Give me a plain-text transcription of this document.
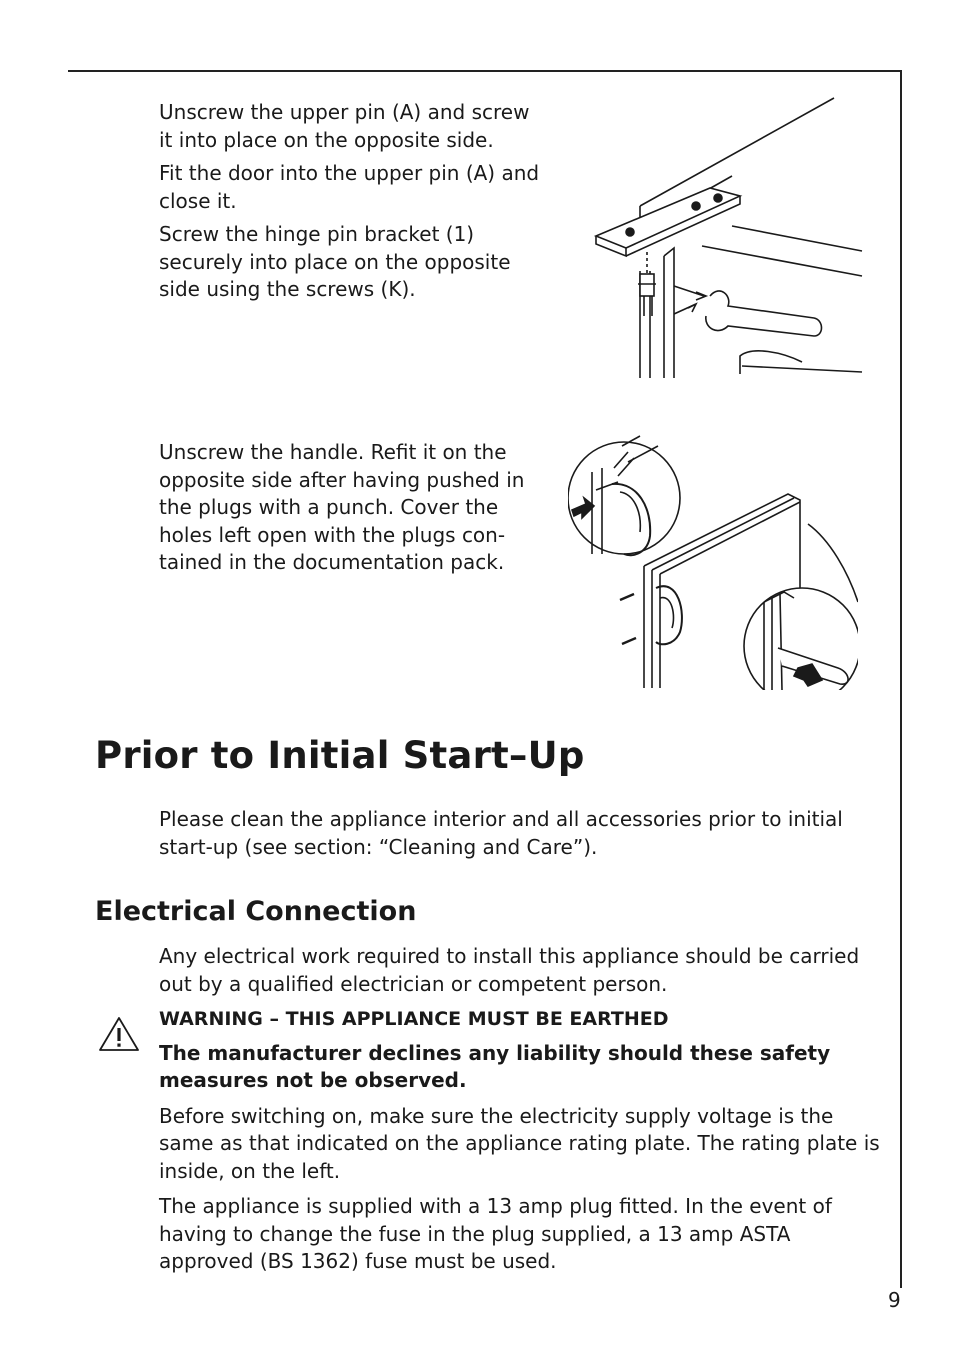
Unscrew the upper pin (A) and screw it into place on the opposite side.

Fit the door into the upper pin (A) and close it.

Screw the hinge pin bracket (1) securely into place on the opposite side using the screws (K).

Unscrew the handle. Refit it on the opposite side after having pushed in the plugs with a punch. Cover the holes left open with the plugs con-tained in the documentation pack.

Prior to Initial Start–Up

Please clean the appliance interior and all accessories prior to initial start-up (see section: “Cleaning and Care”).

Electrical Connection

Any electrical work required to install this appliance should be carried out by a qualified electrician or competent person.

WARNING – THIS APPLIANCE MUST BE EARTHED

The manufacturer declines any liability should these safety measures not be observed.

Before switching on, make sure the electricity supply voltage is the same as that indicated on the appliance rating plate. The rating plate is inside, on the left.

The appliance is supplied with a 13 amp plug fitted. In the event of having to change the fuse in the plug supplied, a 13 amp ASTA approved (BS 1362) fuse must be used.

9
